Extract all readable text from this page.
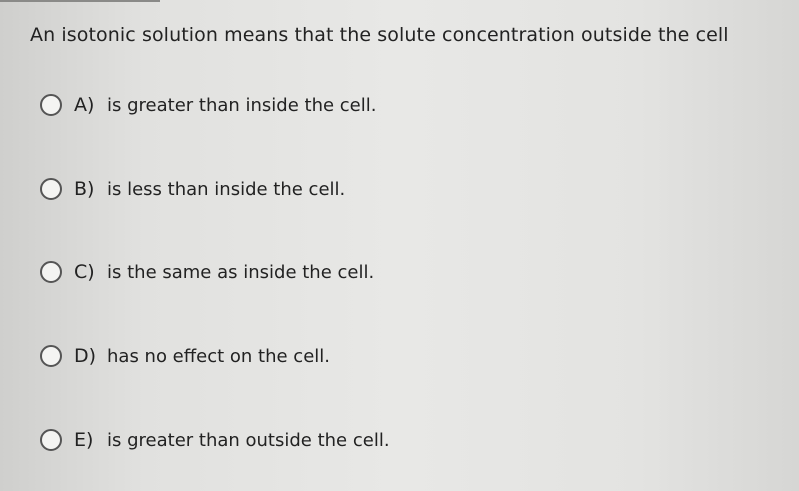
An isotonic solution means that the solute concentration outside the cell
A) is greater than inside the cell.
B) is less than inside the cell.
C) is the same as inside the cell.
D) has no effect on the cell.
E) is greater than outside the cell.
